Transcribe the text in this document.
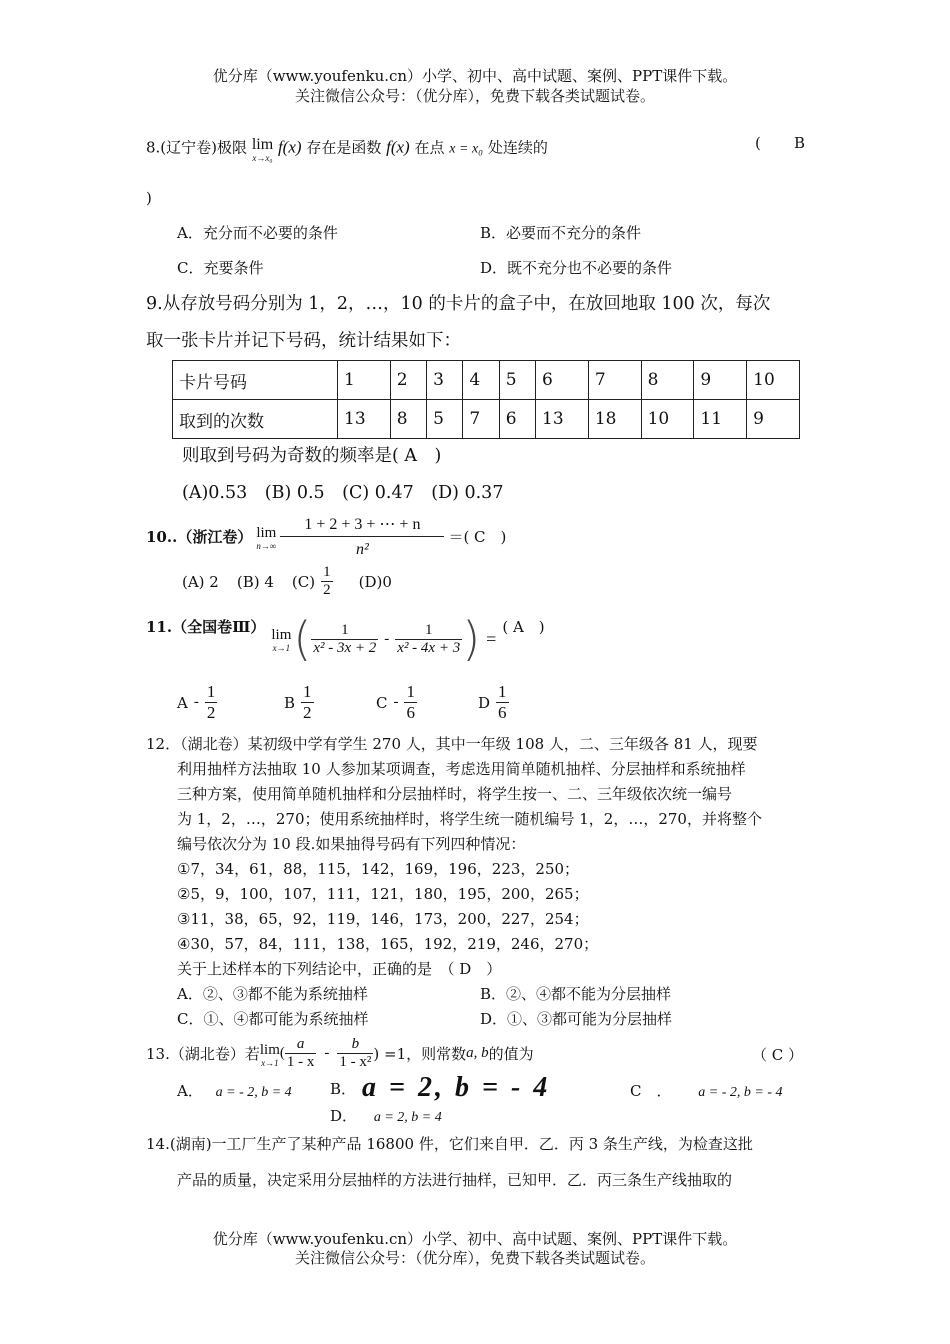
优分库（www.youfenku.cn）小学、初中、高中试题、案例、PPT课件下载。
关注微信公众号：（优分库），免费下载各类试题试卷。
8.(辽宁卷)极限 lim
x→x₀
f(x) 存在是函数 f(x) 在点 x = x₀ 处连续的	( B
)
A．充分而不必要的条件	B．必要而不充分的条件
C．充要条件	D．既不充分也不必要的条件
9.从存放号码分别为 1，2，…，10 的卡片的盒子中，在放回地取 100 次，每次
取一张卡片并记下号码，统计结果如下：
卡片号码	1	2	3	4	5	6	7	8	9	10
取到的次数	13	8	5	7	6	13	18	10	11	9
则取到号码为奇数的频率是( A　)
(A)0.53　(B) 0.5　(C) 0.47　(D) 0.37
10..（浙江卷） lim
$n\to\infty \frac{1 + 2 + 3 + \cdots + n}{\text{n²}}$ ＝( C　)
(A) 2 (B) 4 $(C) \frac{1}{2} (D)0$
11.（全国卷Ⅲ） lim
x→1 ( $\frac{1}{\text{x² - 3x + 2}} - \frac{1}{\text{x² - 4x + 3}}$ ) =
( A　)
A - $\frac{1}{2}$	B $\frac{1}{2}$	C - $\frac{1}{6}$	D $\frac{1}{6}$
12．（湖北卷）某初级中学有学生 270 人，其中一年级 108 人，二、三年级各 81 人，现要
利用抽样方法抽取 10 人参加某项调查，考虑选用简单随机抽样、分层抽样和系统抽样
三种方案，使用简单随机抽样和分层抽样时，将学生按一、二、三年级依次统一编号
为 1，2，…，270；使用系统抽样时，将学生统一随机编号 1，2，…，270，并将整个
编号依次分为 10 段.如果抽得号码有下列四种情况：
①7，34，61，88，115，142，169，196，223，250；
②5，9，100，107，111，121，180，195，200，265；
③11，38，65，92，119，146，173，200，227，254；
④30，57，84，111，138，165，192，219，246，270；
关于上述样本的下列结论中，正确的是　（ D　）
A．②、③都不能为系统抽样	B．②、④都不能为分层抽样
C．①、④都可能为系统抽样	D．①、③都可能为分层抽样
13.（湖北卷）若 lim
x→1
( $\frac{a}{1 - x} - \frac{b}{\text{1 - x²}}$ ) =1，则常数 a, b 的值为	（ C ）
A． a = - 2, b = 4	B． a = 2, b = - 4	C　． a = - 2, b = - 4
D． a = 2, b = 4
14.(湖南)一工厂生产了某种产品 16800 件，它们来自甲．乙．丙 3 条生产线，为检查这批
产品的质量，决定采用分层抽样的方法进行抽样，已知甲．乙．丙三条生产线抽取的
优分库（www.youfenku.cn）小学、初中、高中试题、案例、PPT课件下载。
关注微信公众号：（优分库），免费下载各类试题试卷。
